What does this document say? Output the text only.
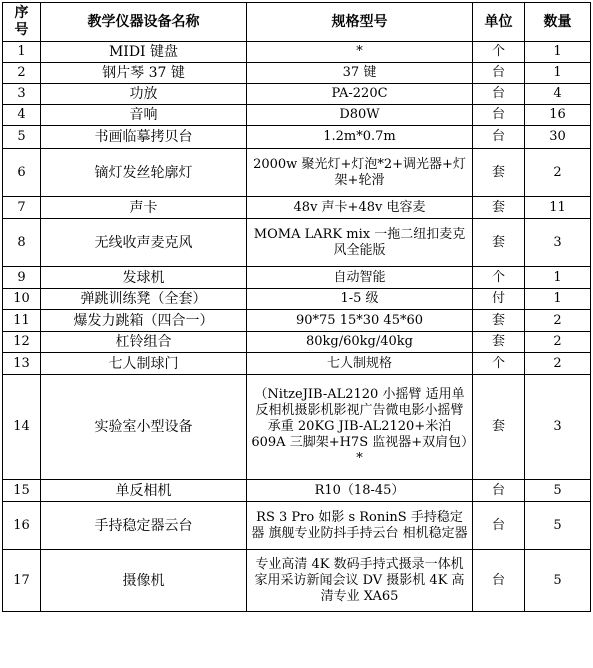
序号	教学仪器设备名称	规格型号	单位	数量
1	MIDI 键盘	*	个	1
2	钢片琴 37 键	37 键	台	1
3	功放	PA-220C	台	4
4	音响	D80W	台	16
5	书画临摹拷贝台	1.2m*0.7m	台	30
6	镝灯发丝轮廓灯	2000w 聚光灯+灯泡*2+调光器+灯架+轮滑	套	2
7	声卡	48v 声卡+48v 电容麦	套	11
8	无线收声麦克风	MOMA LARK mix 一拖二纽扣麦克风全能版	套	3
9	发球机	自动智能	个	1
10	弹跳训练凳（全套）	1-5 级	付	1
11	爆发力跳箱（四合一）	90*75 15*30 45*60	套	2
12	杠铃组合	80kg/60kg/40kg	套	2
13	七人制球门	七人制规格	个	2
14	实验室小型设备	（NitzeJIB-AL2120 小摇臂 适用单反相机摄影机影视广告微电影小摇臂承重 20KG JIB-AL2120+米泊 609A 三脚架+H7S 监视器+双肩包）*	套	3
15	单反相机	R10（18-45）	台	5
16	手持稳定器云台	RS 3 Pro 如影 s RoninS 手持稳定器 旗舰专业防抖手持云台 相机稳定器	台	5
17	摄像机	专业高清 4K 数码手持式摄录一体机 家用采访新闻会议 DV 摄影机 4K 高清专业 XA65	台	5
